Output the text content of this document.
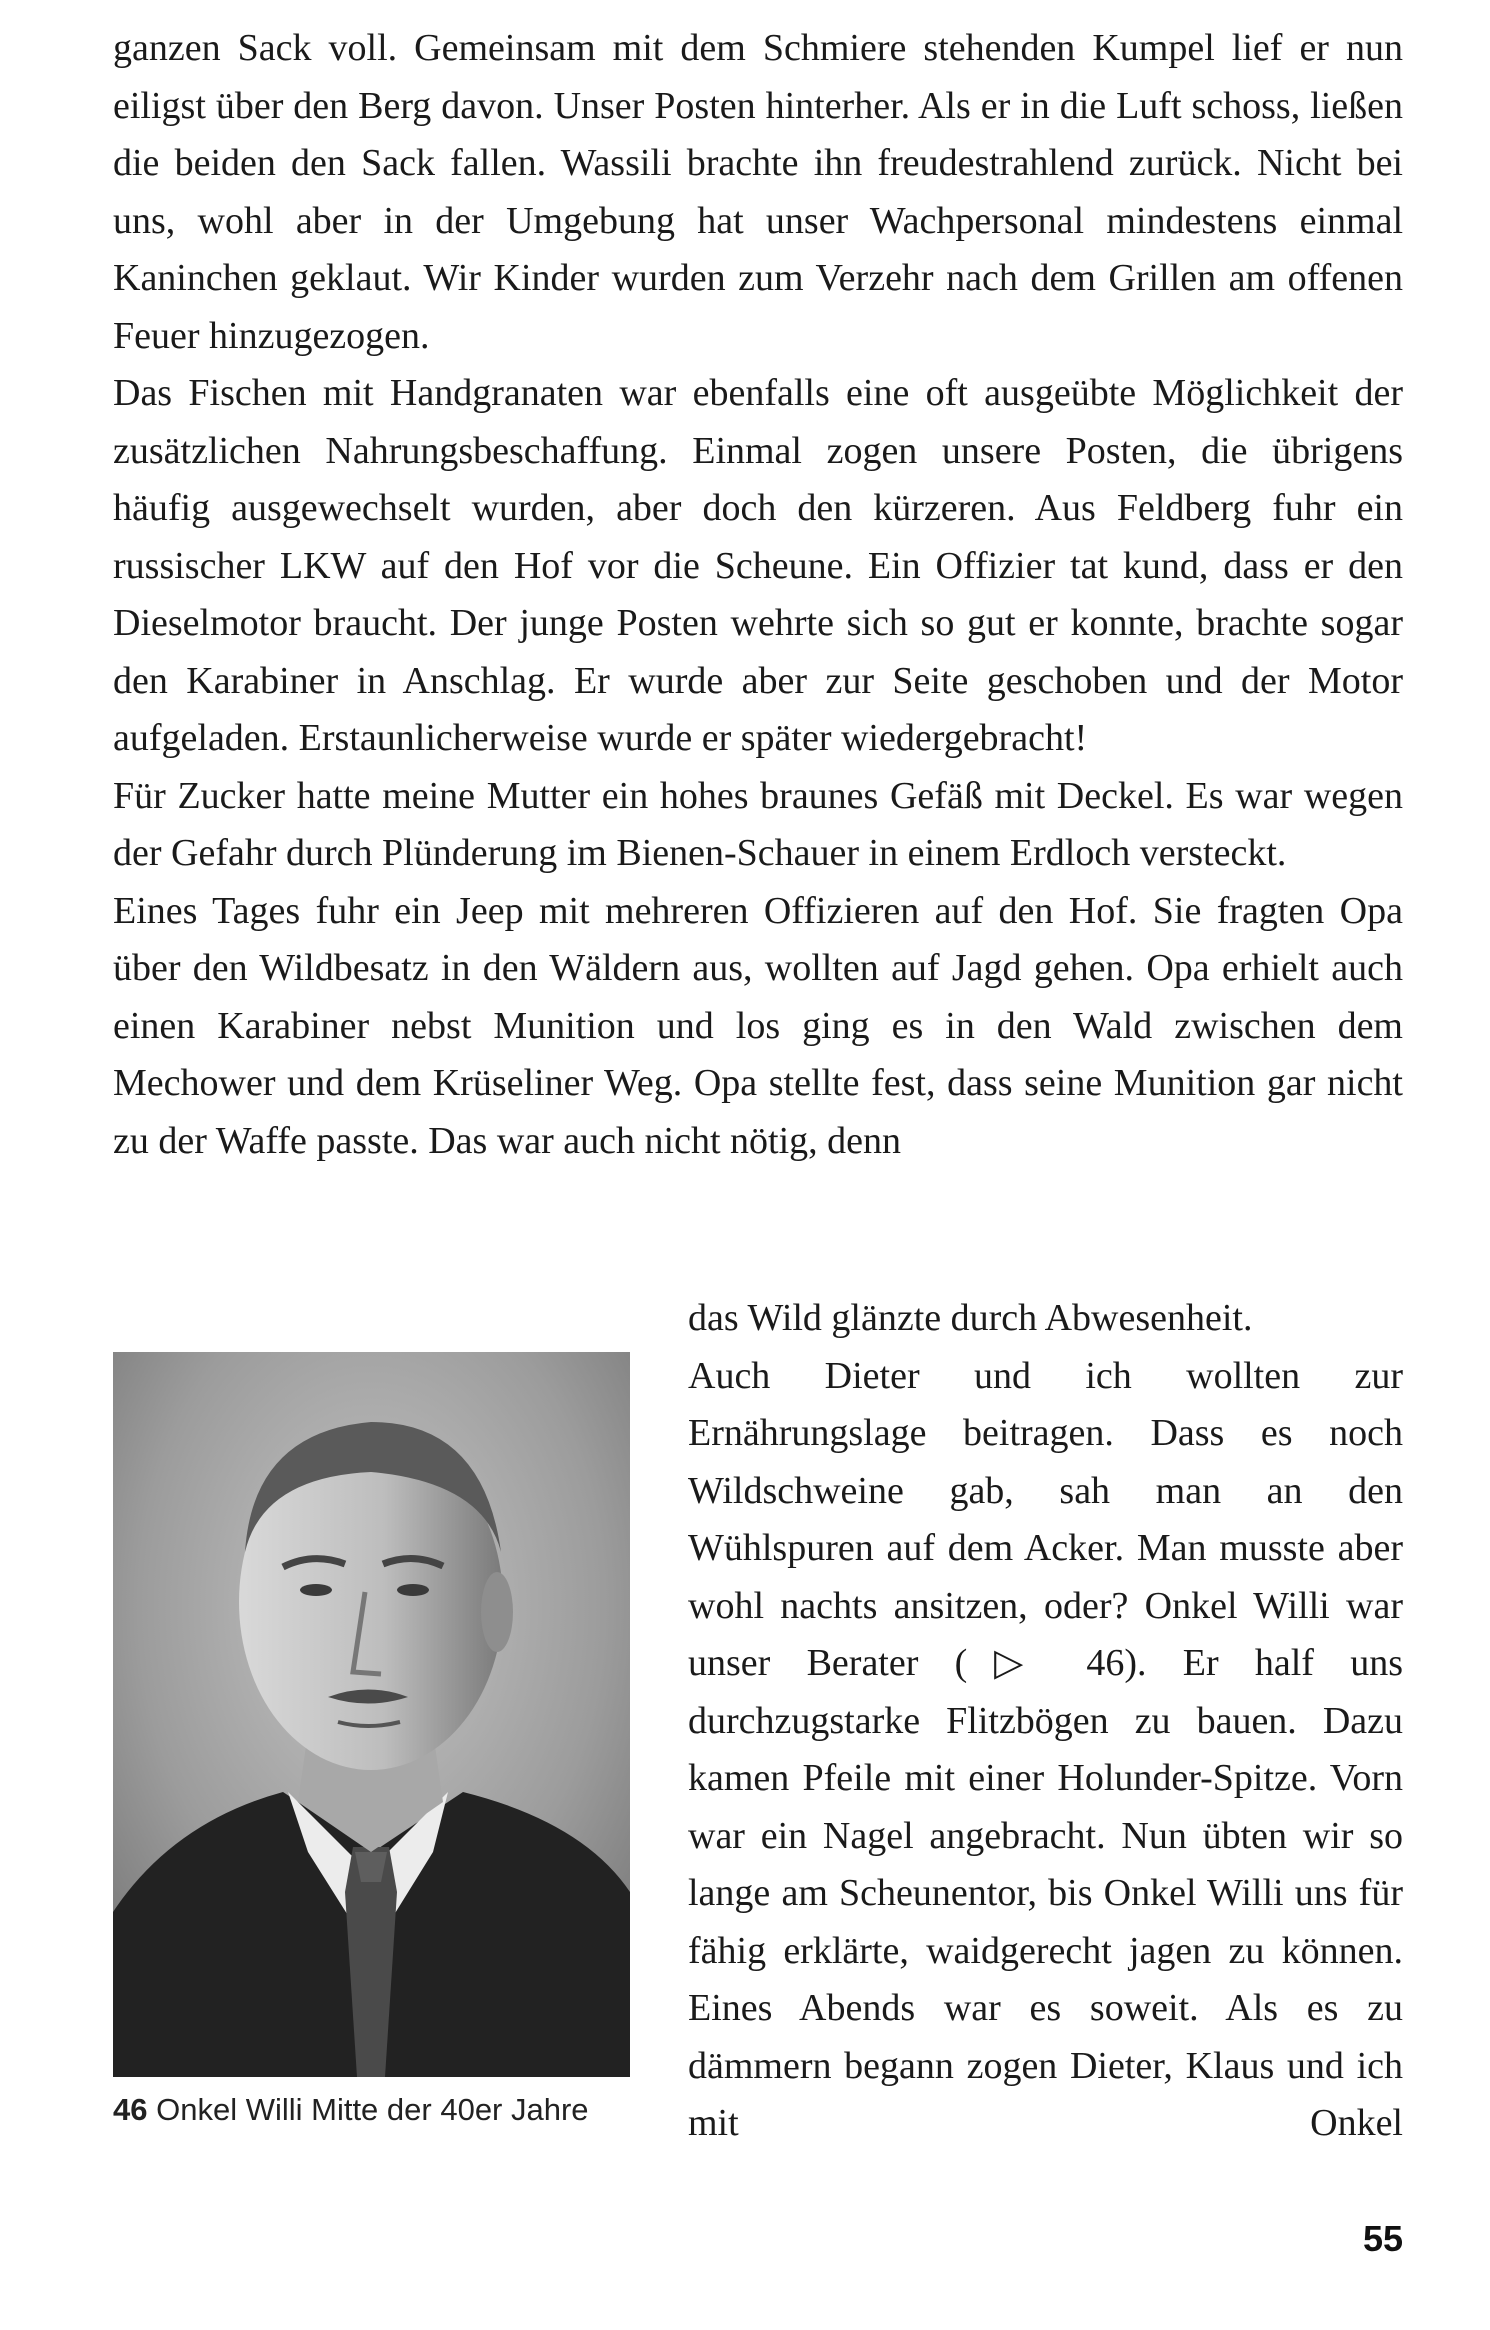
ganzen Sack voll. Gemeinsam mit dem Schmiere stehenden Kumpel lief er nun eiligst über den Berg davon. Unser Posten hinterher. Als er in die Luft schoss, ließen die beiden den Sack fallen. Wassili brachte ihn freudestrahlend zurück. Nicht bei uns, wohl aber in der Umgebung hat unser Wachpersonal mindestens einmal Kaninchen geklaut. Wir Kinder wurden zum Verzehr nach dem Grillen am offenen Feuer hinzugezogen.

Das Fischen mit Handgranaten war ebenfalls eine oft ausgeübte Möglichkeit der zusätzlichen Nahrungsbeschaffung. Einmal zogen unsere Posten, die übrigens häufig ausgewechselt wurden, aber doch den kürzeren. Aus Feldberg fuhr ein russischer LKW auf den Hof vor die Scheune. Ein Offizier tat kund, dass er den Dieselmotor braucht. Der junge Posten wehrte sich so gut er konnte, brachte sogar den Karabiner in Anschlag. Er wurde aber zur Seite geschoben und der Motor aufgeladen. Erstaunlicherweise wurde er später wiedergebracht!

Für Zucker hatte meine Mutter ein hohes braunes Gefäß mit Deckel. Es war wegen der Gefahr durch Plünderung im Bienen-Schauer in einem Erdloch versteckt.

Eines Tages fuhr ein Jeep mit mehreren Offizieren auf den Hof. Sie fragten Opa über den Wildbesatz in den Wäldern aus, wollten auf Jagd gehen. Opa erhielt auch einen Karabiner nebst Munition und los ging es in den Wald zwischen dem Mechower und dem Krüseliner Weg. Opa stellte fest, dass seine Munition gar nicht zu der Waffe passte. Das war auch nicht nötig, denn

46 Onkel Willi Mitte der 40er Jahre

das Wild glänzte durch Abwesenheit.

Auch Dieter und ich wollten zur Ernährungslage beitragen. Dass es noch Wildschweine gab, sah man an den Wühlspuren auf dem Acker. Man musste aber wohl nachts ansitzen, oder? Onkel Willi war unser Berater (▷ 46). Er half uns durchzugstarke Flitzbögen zu bauen. Dazu kamen Pfeile mit einer Holunder-Spitze. Vorn war ein Nagel angebracht. Nun übten wir so lange am Scheunentor, bis Onkel Willi uns für fähig erklärte, waidgerecht jagen zu können. Eines Abends war es soweit. Als es zu dämmern begann zogen Dieter, Klaus und ich mit Onkel

55
